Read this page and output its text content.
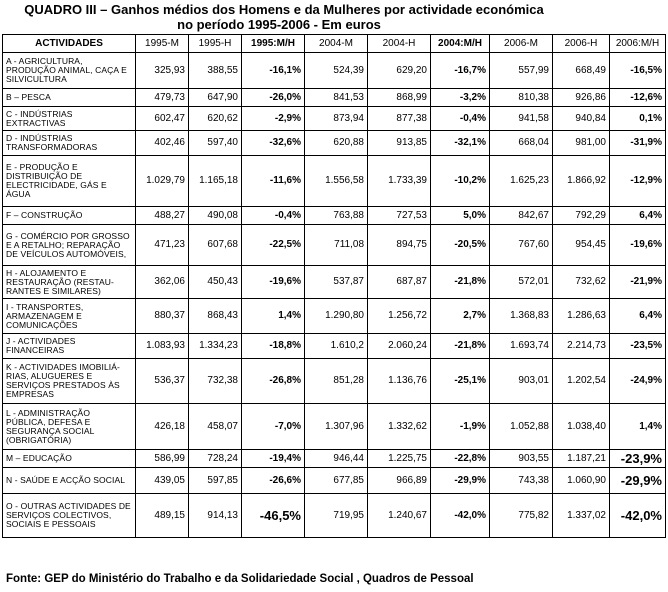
QUADRO III – Ganhos médios dos Homens e da Mulheres por actividade económica
no período 1995-2006 - Em euros
ACTIVIDADES	1995-M	1995-H	1995:M/H	2004-M	2004-H	2004:M/H	2006-M	2006-H	2006:M/H
A - AGRICULTURA, PRODUÇÃO ANIMAL, CAÇA E SILVICULTURA	325,93	388,55	-16,1%	524,39	629,20	-16,7%	557,99	668,49	-16,5%
B – PESCA	479,73	647,90	-26,0%	841,53	868,99	-3,2%	810,38	926,86	-12,6%
C - INDÚSTRIAS EXTRACTIVAS	602,47	620,62	-2,9%	873,94	877,38	-0,4%	941,58	940,84	0,1%
D - INDÚSTRIAS TRANSFORMADORAS	402,46	597,40	-32,6%	620,88	913,85	-32,1%	668,04	981,00	-31,9%
E - PRODUÇÃO E DISTRIBUIÇÃO DE ELECTRICIDADE, GÁS E ÁGUA	1.029,79	1.165,18	-11,6%	1.556,58	1.733,39	-10,2%	1.625,23	1.866,92	-12,9%
F – CONSTRUÇÃO	488,27	490,08	-0,4%	763,88	727,53	5,0%	842,67	792,29	6,4%
G - COMÉRCIO POR GROSSO E A RETALHO; REPARAÇÃO DE VEÍCULOS AUTOMÓVEIS,	471,23	607,68	-22,5%	711,08	894,75	-20,5%	767,60	954,45	-19,6%
H - ALOJAMENTO E RESTAURAÇÃO (RESTAU-RANTES E SIMILARES)	362,06	450,43	-19,6%	537,87	687,87	-21,8%	572,01	732,62	-21,9%
I - TRANSPORTES, ARMAZENAGEM E COMUNICAÇÕES	880,37	868,43	1,4%	1.290,80	1.256,72	2,7%	1.368,83	1.286,63	6,4%
J - ACTIVIDADES FINANCEIRAS	1.083,93	1.334,23	-18,8%	1.610,2	2.060,24	-21,8%	1.693,74	2.214,73	-23,5%
K - ACTIVIDADES IMOBILIÁ-RIAS, ALUGUERES E SERVIÇOS PRESTADOS ÀS EMPRESAS	536,37	732,38	-26,8%	851,28	1.136,76	-25,1%	903,01	1.202,54	-24,9%
L - ADMINISTRAÇÃO PÚBLICA, DEFESA E SEGURANÇA SOCIAL (OBRIGATÓRIA)	426,18	458,07	-7,0%	1.307,96	1.332,62	-1,9%	1.052,88	1.038,40	1,4%
M – EDUCAÇÃO	586,99	728,24	-19,4%	946,44	1.225,75	-22,8%	903,55	1.187,21	-23,9%
N - SAÚDE E ACÇÃO SOCIAL	439,05	597,85	-26,6%	677,85	966,89	-29,9%	743,38	1.060,90	-29,9%
O - OUTRAS ACTIVIDADES DE SERVIÇOS COLECTIVOS, SOCIAIS E PESSOAIS	489,15	914,13	-46,5%	719,95	1.240,67	-42,0%	775,82	1.337,02	-42,0%
Fonte: GEP do Ministério do Trabalho e da Solidariedade Social , Quadros de Pessoal
